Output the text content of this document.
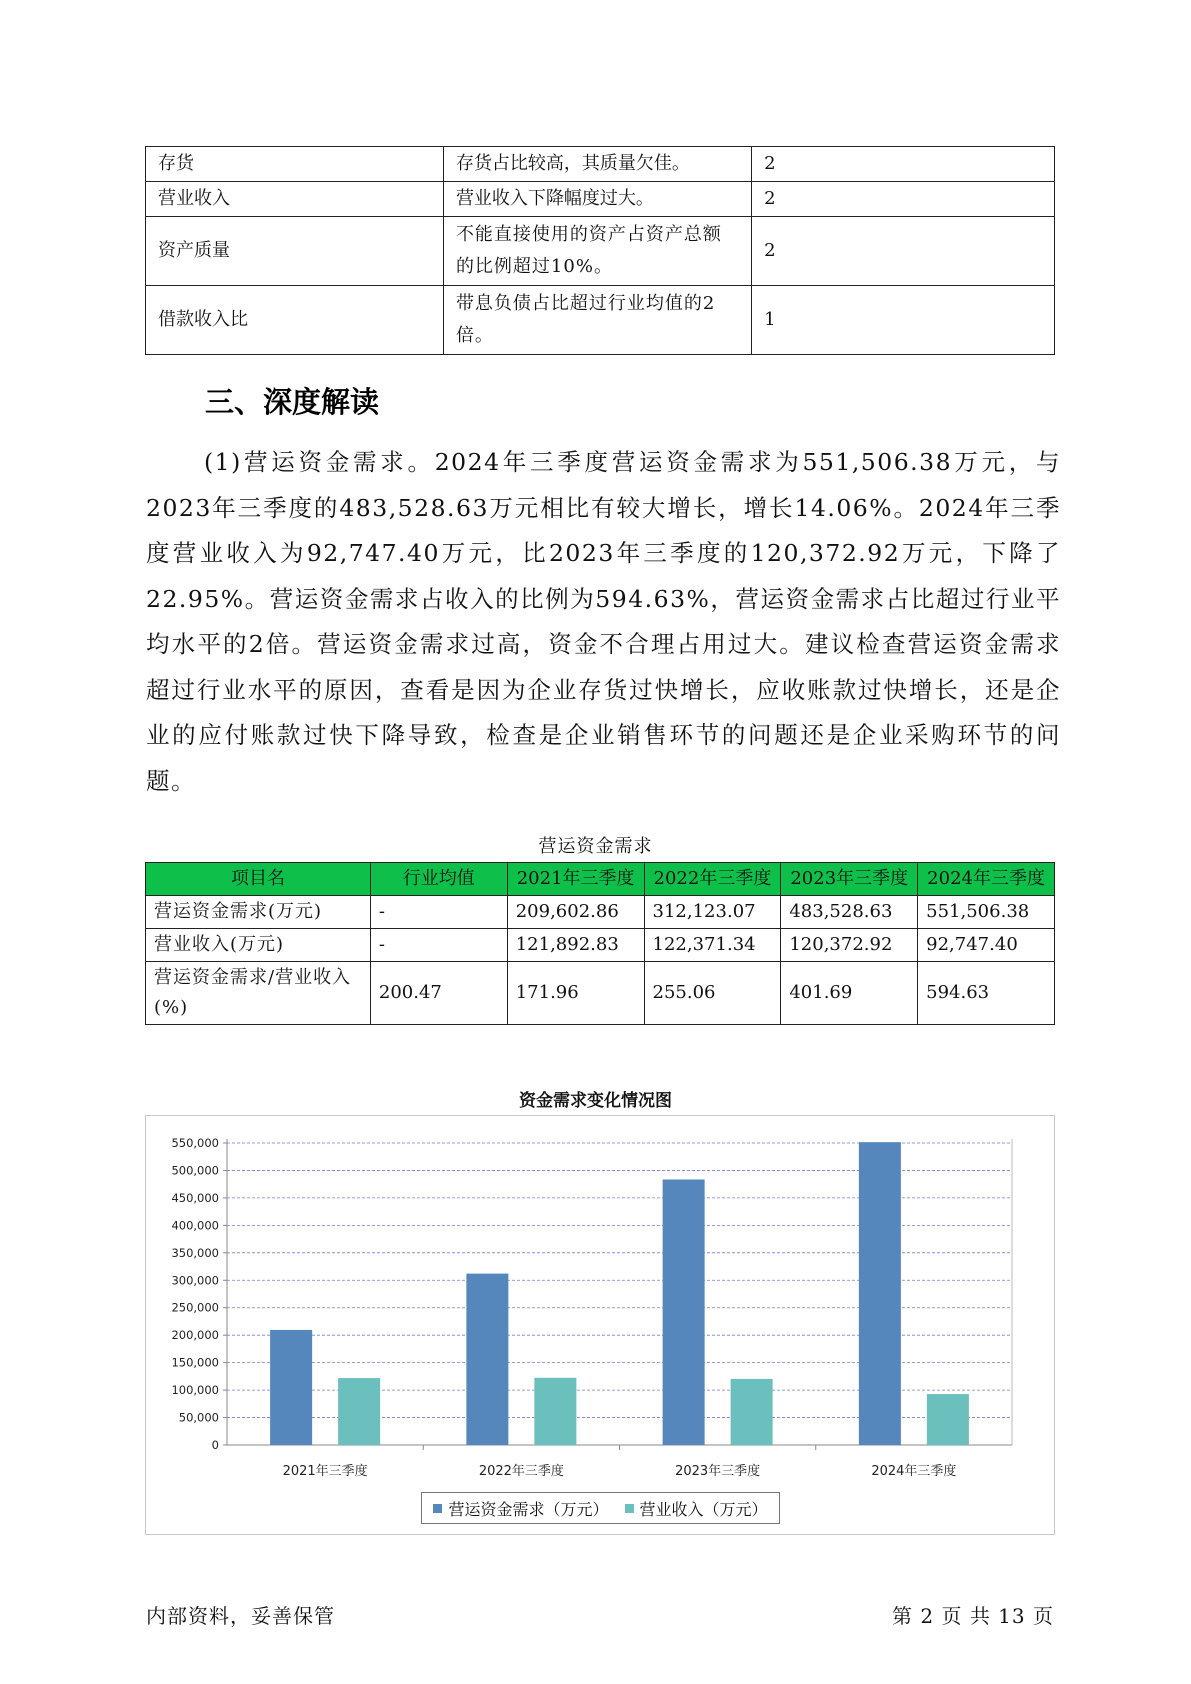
存货	存货占比较高，其质量欠佳。	2
营业收入	营业收入下降幅度过大。	2
资产质量	不能直接使用的资产占资产总额的比例超过10%。	2
借款收入比	带息负债占比超过行业均值的2倍。	1
三、深度解读

(1)营运资金需求。2024年三季度营运资金需求为551,506.38万元，与2023年三季度的483,528.63万元相比有较大增长，增长14.06%。2024年三季度营业收入为92,747.40万元，比2023年三季度的120,372.92万元，下降了22.95%。营运资金需求占收入的比例为594.63%，营运资金需求占比超过行业平均水平的2倍。营运资金需求过高，资金不合理占用过大。建议检查营运资金需求超过行业水平的原因，查看是因为企业存货过快增长，应收账款过快增长，还是企业的应付账款过快下降导致，检查是企业销售环节的问题还是企业采购环节的问题。

营运资金需求
项目名	行业均值	2021年三季度	2022年三季度	2023年三季度	2024年三季度
营运资金需求(万元)	-	209,602.86	312,123.07	483,528.63	551,506.38
营业收入(万元)	-	121,892.83	122,371.34	120,372.92	92,747.40
营运资金需求/营业收入(%)	200.47	171.96	255.06	401.69	594.63
资金需求变化情况图
0
50,000
100,000
150,000
200,000
250,000
300,000
350,000
400,000
450,000
500,000
550,000
2021年三季度	2022年三季度	2023年三季度	2024年三季度
营运资金需求（万元） 营业收入（万元）
内部资料，妥善保管	第 2 页 共 13 页
